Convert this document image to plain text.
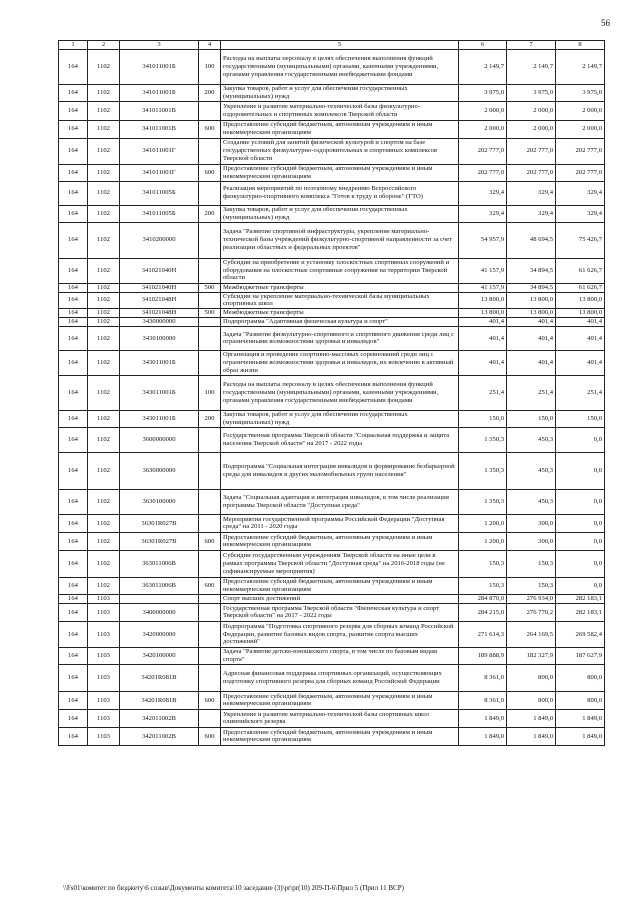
56
1	2	3	4	5	6	7	8
164	1102	341011001Б	100	Расходы на выплаты персоналу в целях обеспечения выполнения функций государственными (муниципальными) органами, казенными учреждениями, органами управления государственными внебюджетными фондами	2 149,7	2 149,7	2 149,7
164	1102	341011001Б	200	Закупка товаров, работ и услуг для обеспечения государственных (муниципальных) нужд	3 975,0	3 975,0	3 975,0
164	1102	341011001В		Укрепление и развитие материально-технической базы физкультурно-оздоровительных и спортивных комплексов Тверской области	2 000,0	2 000,0	2 000,0
164	1102	341011001В	600	Предоставление субсидий бюджетным, автономным учреждениям и иным некоммерческим организациям	2 000,0	2 000,0	2 000,0
164	1102	341011001Г		Создание условий для занятий физической культурой и спортом на базе государственных физкультурно-оздоровительных и спортивных комплексов Тверской области	202 777,0	202 777,0	202 777,0
164	1102	341011001Г	600	Предоставление субсидий бюджетным, автономным учреждениям и иным некоммерческим организациям	202 777,0	202 777,0	202 777,0
164	1102	341011005Б		Реализация мероприятий по поэтапному внедрению Всероссийского физкультурно-спортивного комплекса "Готов к труду и обороне" (ГТО)	329,4	329,4	329,4
164	1102	341011005Б	200	Закупка товаров, работ и услуг для обеспечения государственных (муниципальных) нужд	329,4	329,4	329,4
164	1102	3410200000		Задача "Развитие спортивной инфраструктуры, укрепление материально-технической базы учреждений физкультурно-спортивной направленности за счет реализации областных и федеральных проектов"	54 957,9	48 694,5	75 426,7
164	1102	341021040Н		Субсидии на приобретение и установку плоскостных спортивных сооружений и оборудования на плоскостные спортивные сооружения на территории Тверской области	41 157,9	34 894,5	61 626,7
164	1102	341021040Н	500	Межбюджетные трансферты	41 157,9	34 894,5	61 626,7
164	1102	341021048Н		Субсидии на укрепление материально-технической базы муниципальных спортивных школ	13 800,0	13 800,0	13 800,0
164	1102	341021048Н	500	Межбюджетные трансферты	13 800,0	13 800,0	13 800,0
164	1102	3430000000		Подпрограмма "Адаптивная физическая культура и спорт"	401,4	401,4	401,4
164	1102	3430100000		Задача "Развитие физкультурно-спортивного и спортивного движения среди лиц с ограниченными возможностями здоровья и инвалидов"	401,4	401,4	401,4
164	1102	343011001Б		Организация и проведение спортивно-массовых соревнований среди лиц с ограниченными возможностями здоровья и инвалидов, их вовлечение в активный образ жизни	401,4	401,4	401,4
164	1102	343011001Б	100	Расходы на выплаты персоналу в целях обеспечения выполнения функций государственными (муниципальными) органами, казенными учреждениями, органами управления государственными внебюджетными фондами	251,4	251,4	251,4
164	1102	343011001Б	200	Закупка товаров, работ и услуг для обеспечения государственных (муниципальных) нужд	150,0	150,0	150,0
164	1102	3600000000		Государственная программа Тверской области "Социальная поддержка и защита населения Тверской области" на 2017 - 2022 годы	1 350,3	450,3	0,0
164	1102	3630000000		Подпрограмма "Социальная интеграция инвалидов и формирование безбарьерной среды для инвалидов в других маломобильных групп населения"	1 350,3	450,3	0,0
164	1102	3630100000		Задача "Социальная адаптация и интеграция инвалидов, в том числе реализация программы Тверской области "Доступная среда"	1 350,3	450,3	0,0
164	1102	36301R027В		Мероприятия государственной программы Российской Федерации "Доступная среда" на 2011 - 2020 годы	1 200,0	300,0	0,0
164	1102	36301R027В	600	Предоставление субсидий бюджетным, автономным учреждениям и иным некоммерческим организациям	1 200,0	300,0	0,0
164	1102	363011006В		Субсидии государственным учреждениям Тверской области на иные цели в рамках программы Тверской области "Доступная среда" на 2016-2018 годы (не софинансируемые мероприятия)	150,3	150,3	0,0
164	1102	363011006В	600	Предоставление субсидий бюджетным, автономным учреждениям и иным некоммерческим организациям	150,3	150,3	0,0
164	1103			Спорт высших достижений	284 870,0	276 934,0	282 183,1
164	1103	3400000000		Государственная программа Тверской области "Физическая культура и спорт Тверской области" на 2017 - 2022 годы	284 215,0	276 770,2	282 183,1
164	1103	3420000000		Подпрограмма "Подготовка спортивного резерва для сборных команд Российской Федерации, развитие базовых видов спорта, развитие спорта высших достижений"	271 614,3	264 169,5	269 582,4
164	1103	3420100000		Задача "Развитие детско-юношеского спорта, в том числе по базовым видам спорта"	189 888,9	182 327,9	187 627,9
164	1103	34201R081В		Адресная финансовая поддержка спортивных организаций, осуществляющих подготовку спортивного резерва для сборных команд Российской Федерации	8 361,0	800,0	800,0
164	1103	34201R081В	600	Предоставление субсидий бюджетным, автономным учреждениям и иным некоммерческим организациям	8 361,0	800,0	800,0
164	1103	342011002В		Укрепление и развитие материально-технической базы спортивных школ олимпийского резерва	1 849,0	1 849,0	1 849,0
164	1103	342011002В	600	Предоставление субсидий бюджетным, автономным учреждениям и иным некоммерческим организациям	1 849,0	1 849,0	1 849,0
\\Fs01\комитет по бюджету\6 созыв\Документы комитета\10 заседание (3)\pr\pr(10) 209-П-6\Прил 5 (Прил 11 ВСР)
